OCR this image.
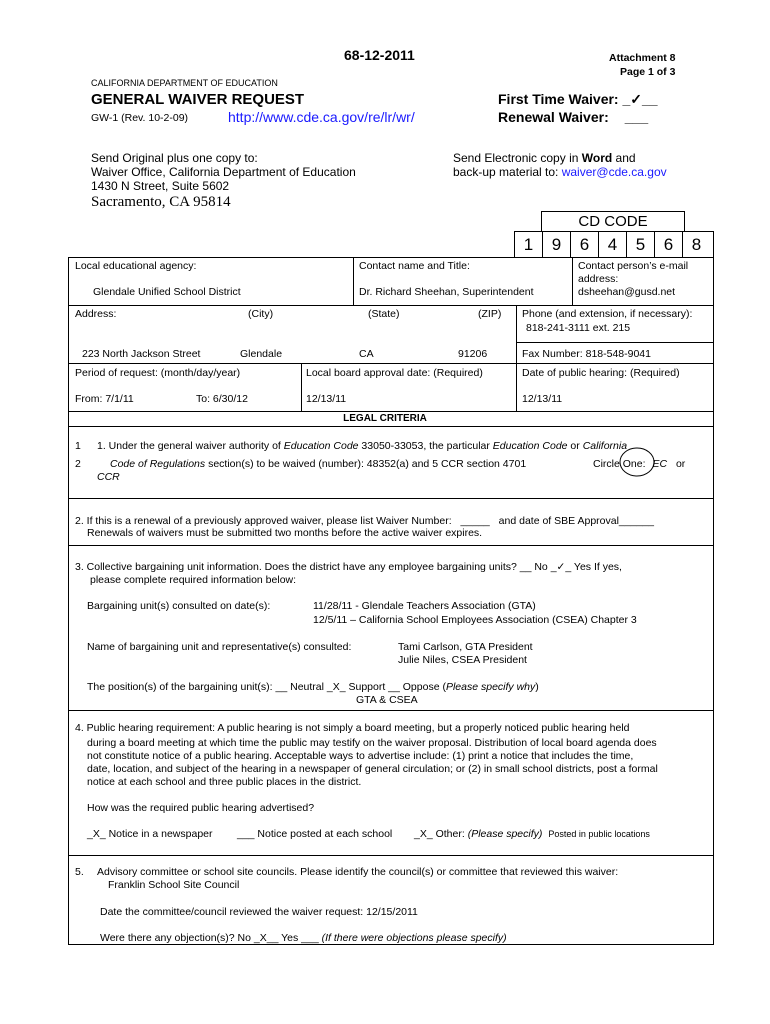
68-12-2011	Attachment 8
Page 1 of 3
CALIFORNIA DEPARTMENT OF EDUCATION
GENERAL WAIVER REQUEST
GW-1 (Rev. 10-2-09)	http://www.cde.ca.gov/re/lr/wr/
First Time Waiver: _✓__
Renewal Waiver: ___
Send Original plus one copy to:
Waiver Office, California Department of Education
1430 N Street, Suite 5602
Sacramento, CA 95814
Send Electronic copy in Word and
back-up material to: waiver@cde.ca.gov
CD CODE
1	9	6	4	5	6	8
Local educational agency:
Glendale Unified School District
Contact name and Title:
Dr. Richard Sheehan, Superintendent
Contact person’s e-mail
address:
dsheehan@gusd.net
Address:	(City)	(State)	(ZIP)
223 North Jackson Street	Glendale	CA	91206
Phone (and extension, if necessary):
818-241-3111 ext. 215
Fax Number: 818-548-9041
Period of request: (month/day/year)
From: 7/1/11	To: 6/30/12
Local board approval date: (Required)
12/13/11
Date of public hearing: (Required)
12/13/11
LEGAL CRITERIA
1
2
1. Under the general waiver authority of Education Code 33050-33053, the particular Education Code or California
Code of Regulations section(s) to be waived (number): 48352(a) and 5 CCR section 4701	Circle One: EC or
CCR
2. If this is a renewal of a previously approved waiver, please list Waiver Number: _____ and date of SBE Approval______
Renewals of waivers must be submitted two months before the active waiver expires.
3. Collective bargaining unit information. Does the district have any employee bargaining units? __ No _✓_ Yes If yes,
please complete required information below:
Bargaining unit(s) consulted on date(s):	11/28/11 - Glendale Teachers Association (GTA)
12/5/11 – California School Employees Association (CSEA) Chapter 3
Name of bargaining unit and representative(s) consulted:	Tami Carlson, GTA President
Julie Niles, CSEA President
The position(s) of the bargaining unit(s): __ Neutral _X_ Support __ Oppose (Please specify why)
GTA & CSEA
4. Public hearing requirement: A public hearing is not simply a board meeting, but a properly noticed public hearing held
during a board meeting at which time the public may testify on the waiver proposal. Distribution of local board agenda does
not constitute notice of a public hearing. Acceptable ways to advertise include: (1) print a notice that includes the time,
date, location, and subject of the hearing in a newspaper of general circulation; or (2) in small school districts, post a formal
notice at each school and three public places in the district.
How was the required public hearing advertised?
_X_ Notice in a newspaper ___ Notice posted at each school _X_ Other: (Please specify) Posted in public locations
5. Advisory committee or school site councils. Please identify the council(s) or committee that reviewed this waiver:
Franklin School Site Council
Date the committee/council reviewed the waiver request: 12/15/2011
Were there any objection(s)? No _X__ Yes ___ (If there were objections please specify)
